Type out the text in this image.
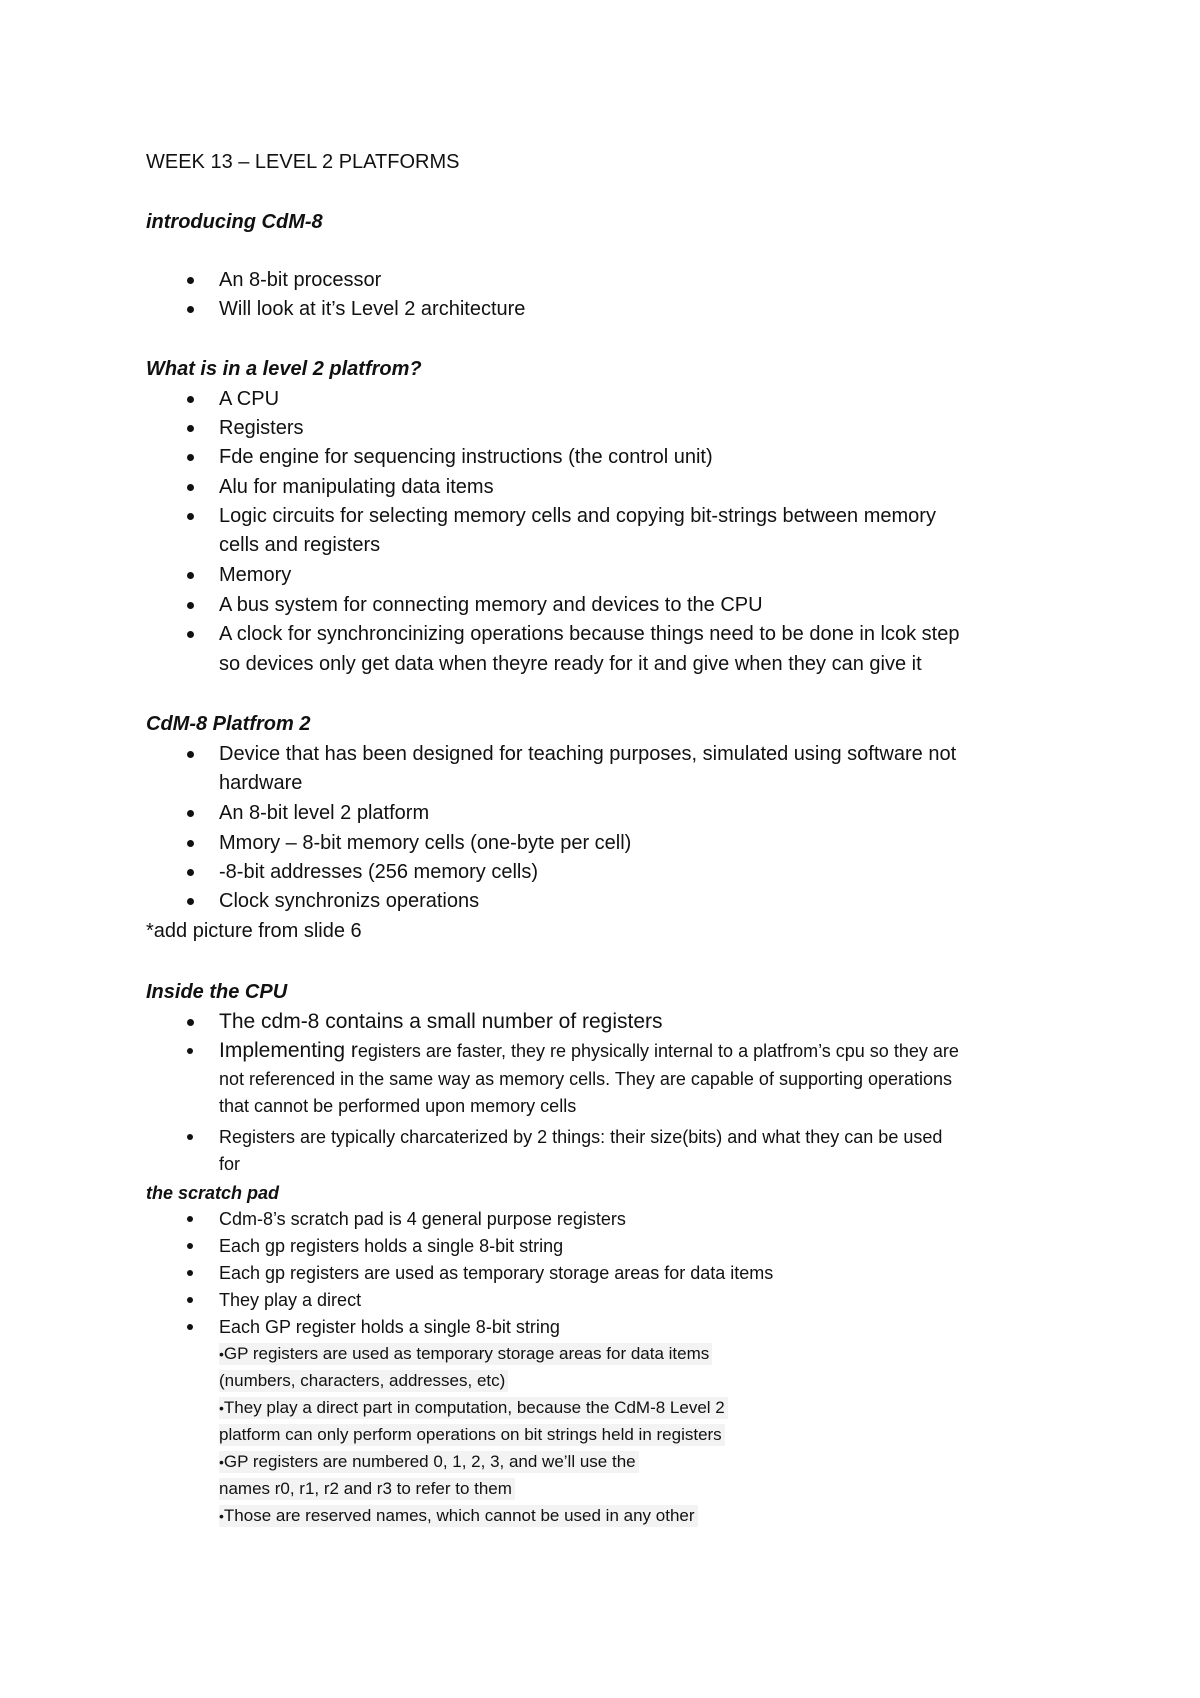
WEEK 13 – LEVEL 2 PLATFORMS
introducing CdM-8
An 8-bit processor
Will look at it’s Level 2 architecture
What is in a level 2 platfrom?
A CPU
Registers
Fde engine for sequencing instructions (the control unit)
Alu for manipulating data items
Logic circuits for selecting memory cells and copying bit-strings between memory
cells and registers
Memory
A bus system for connecting memory and devices to the CPU
A clock for synchroncinizing operations because things need to be done in lcok step
so devices only get data when theyre ready for it and give when they can give it
CdM-8 Platfrom 2
Device that has been designed for teaching purposes, simulated using software not
hardware
An 8-bit level 2 platform
Mmory – 8-bit memory cells (one-byte per cell)
-8-bit addresses (256 memory cells)
Clock synchronizs operations
*add picture from slide 6
Inside the CPU
The cdm-8 contains a small number of registers
Implementing registers are faster, they re physically internal to a platfrom’s cpu so they are
not referenced in the same way as memory cells. They are capable of supporting operations
that cannot be performed upon memory cells
Registers are typically charcaterized by 2 things: their size(bits) and what they can be used
for
the scratch pad
Cdm-8’s scratch pad is 4 general purpose registers
Each gp registers holds a single 8-bit string
Each gp registers are used as temporary storage areas for data items
They play a direct
Each GP register holds a single 8-bit string
•GP registers are used as temporary storage areas for data items
(numbers, characters, addresses, etc)
•They play a direct part in computation, because the CdM-8 Level 2
platform can only perform operations on bit strings held in registers
•GP registers are numbered 0, 1, 2, 3, and we’ll use the
names r0, r1, r2 and r3 to refer to them
•Those are reserved names, which cannot be used in any other
